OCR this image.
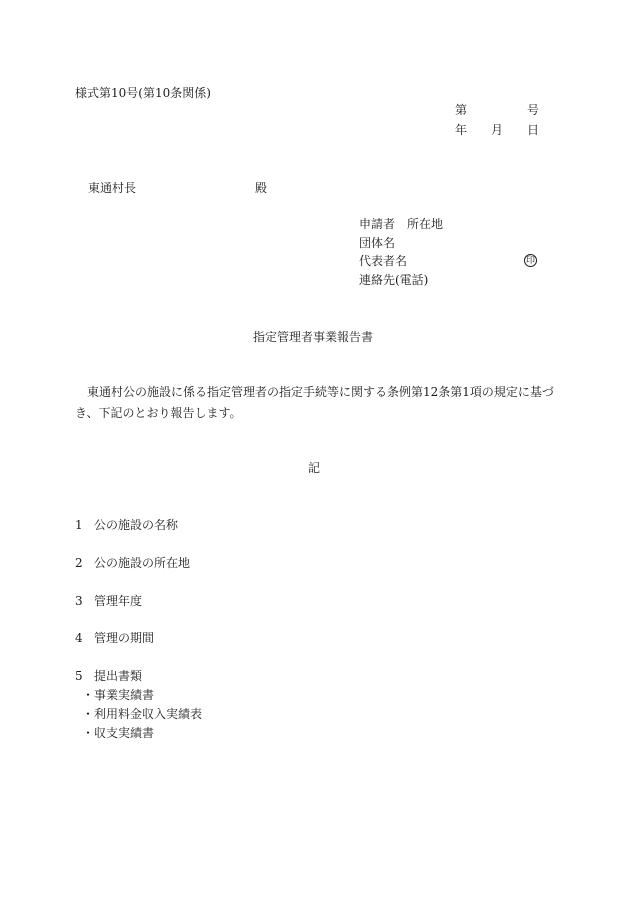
様式第10号(第10条関係)
第	号
年 月 日
東通村長	殿
申請者 所在地
団体名
代表者名	印
連絡先(電話)
指定管理者事業報告書
東通村公の施設に係る指定管理者の指定手続等に関する条例第12条第1項の規定に基づき、下記のとおり報告します。
記
1 公の施設の名称
2 公の施設の所在地
3 管理年度
4 管理の期間
5 提出書類
・事業実績書
・利用料金収入実績表
・収支実績書
